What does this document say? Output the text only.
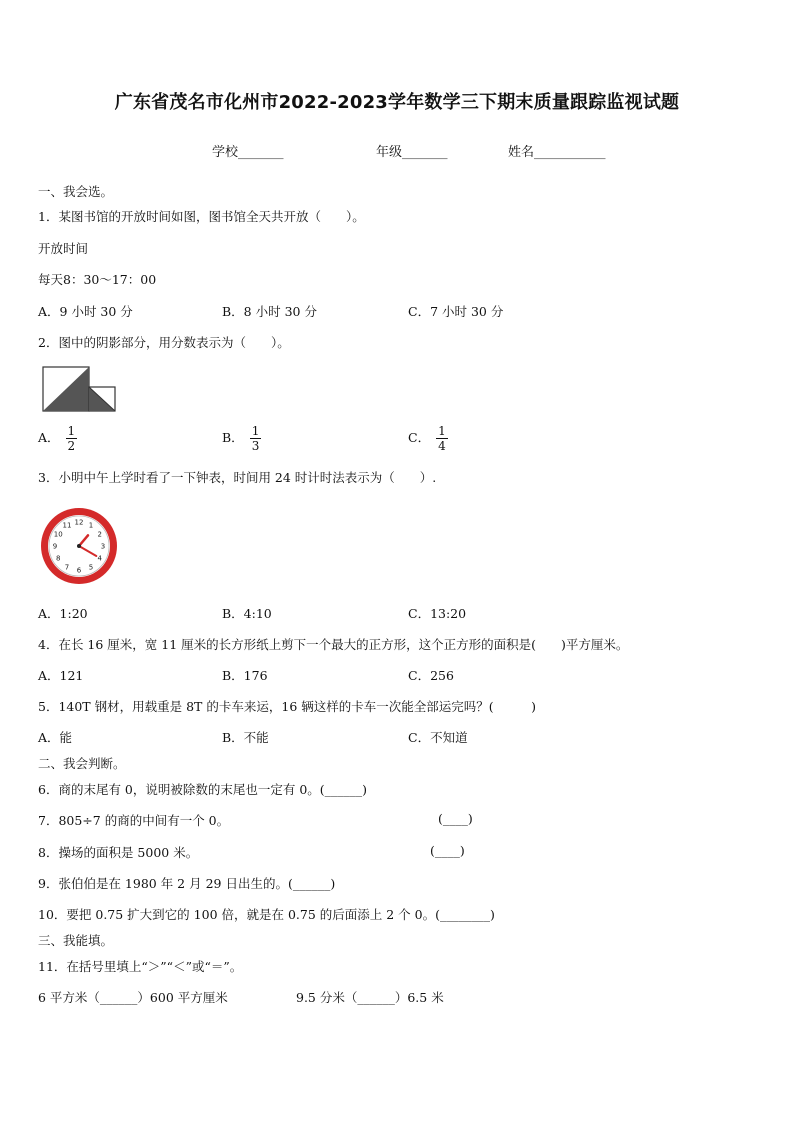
广东省茂名市化州市2022-2023学年数学三下期末质量跟踪监视试题
学校_______	年级_______	姓名___________
一、我会选。
1．某图书馆的开放时间如图，图书馆全天共开放（　　）。
开放时间
每天8：30～17：00
A．9 小时 30 分	B．8 小时 30 分	C．7 小时 30 分
2．图中的阴影部分，用分数表示为（　　）。
A． $\frac{1}{2}$	B． $\frac{1}{3}$	C． $\frac{1}{4}$
3．小明中午上学时看了一下钟表，时间用 24 时计时法表示为（　　）.
12 1
2
3
4
5
6
7
8
9
10
11
A．1:20	B．4:10	C．13:20
4．在长 16 厘米，宽 11 厘米的长方形纸上剪下一个最大的正方形，这个正方形的面积是(　　)平方厘米。
A．121	B．176	C．256
5．140T 钢材，用载重是 8T 的卡车来运，16 辆这样的卡车一次能全部运完吗？(　　　)
A．能	B．不能	C．不知道
二、我会判断。
6．商的末尾有 0，说明被除数的末尾也一定有 0。(______)
7．805÷7 的商的中间有一个 0。	(____)
8．操场的面积是 5000 米。	(____)
9．张伯伯是在 1980 年 2 月 29 日出生的。(______)
10．要把 0.75 扩大到它的 100 倍，就是在 0.75 的后面添上 2 个 0。(________)
三、我能填。
11．在括号里填上“＞”“＜”或“＝”。
6 平方米（______）600 平方厘米	9.5 分米（______）6.5 米
